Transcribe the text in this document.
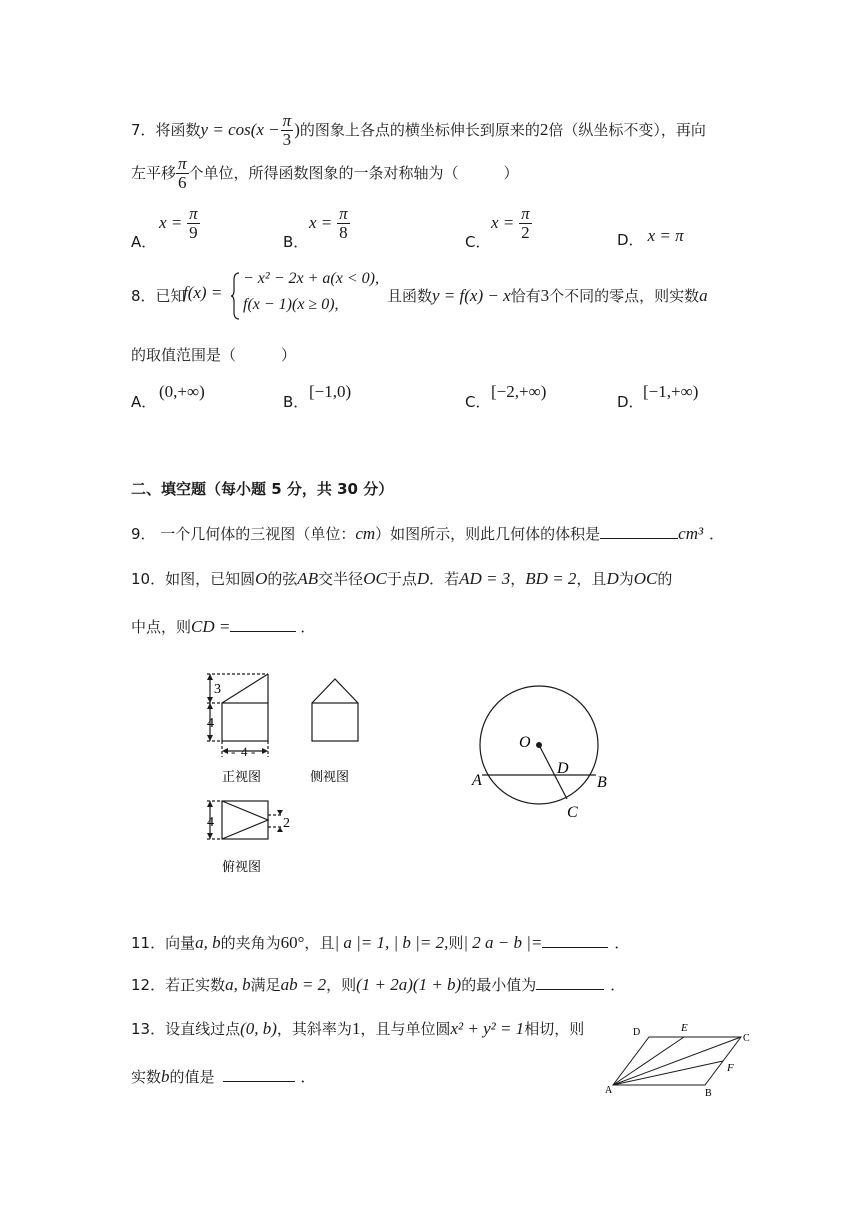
7．将函数$y = \cos(x - \frac{\pi}{3}$ )的图象上各点的横坐标伸长到原来的2倍（纵坐标不变），再向
左平移 $\frac{\pi}{6}$ 个单位，所得函数图象的一条对称轴为（　　　）
A．
$x = \frac{\pi}{9}$	B．
$x = \frac{\pi}{8}$	C．
$x = \frac{\pi}{2}$	D． x = π
8．已知
f(x) =
− x² − 2x + a(x < 0),
f(x − 1)(x ≥ 0),	且函数y = f(x) − x恰有3个不同的零点，则实数a
的取值范围是（　　　）
A．
(0,+∞)
B．
[−1,0)
C．
[−2,+∞)
D．
[−1,+∞)
二、填空题（每小题 5 分，共 30 分）
9． 一个几何体的三视图（单位：cm）如图所示，则此几何体的体积是	cm³ ．
10．如图，已知圆O的弦AB交半径OC于点D．若AD = 3，BD = 2，且D为OC的
中点，则CD =	．
3
4
4
- -
正视图	侧视图
4	2
俯视图
O
D
A	B
C
11．向量a, b的夹角为60°，且| a |= 1, | b |= 2,则| 2 a − b |=	．
12．若正实数a, b满足ab = 2，则(1 + 2a)(1 + b)的最小值为	．
13．设直线过点(0, b)，其斜率为1，且与单位圆x² + y² = 1相切，则
实数b的值是	．
D	E
C
F
A	B
